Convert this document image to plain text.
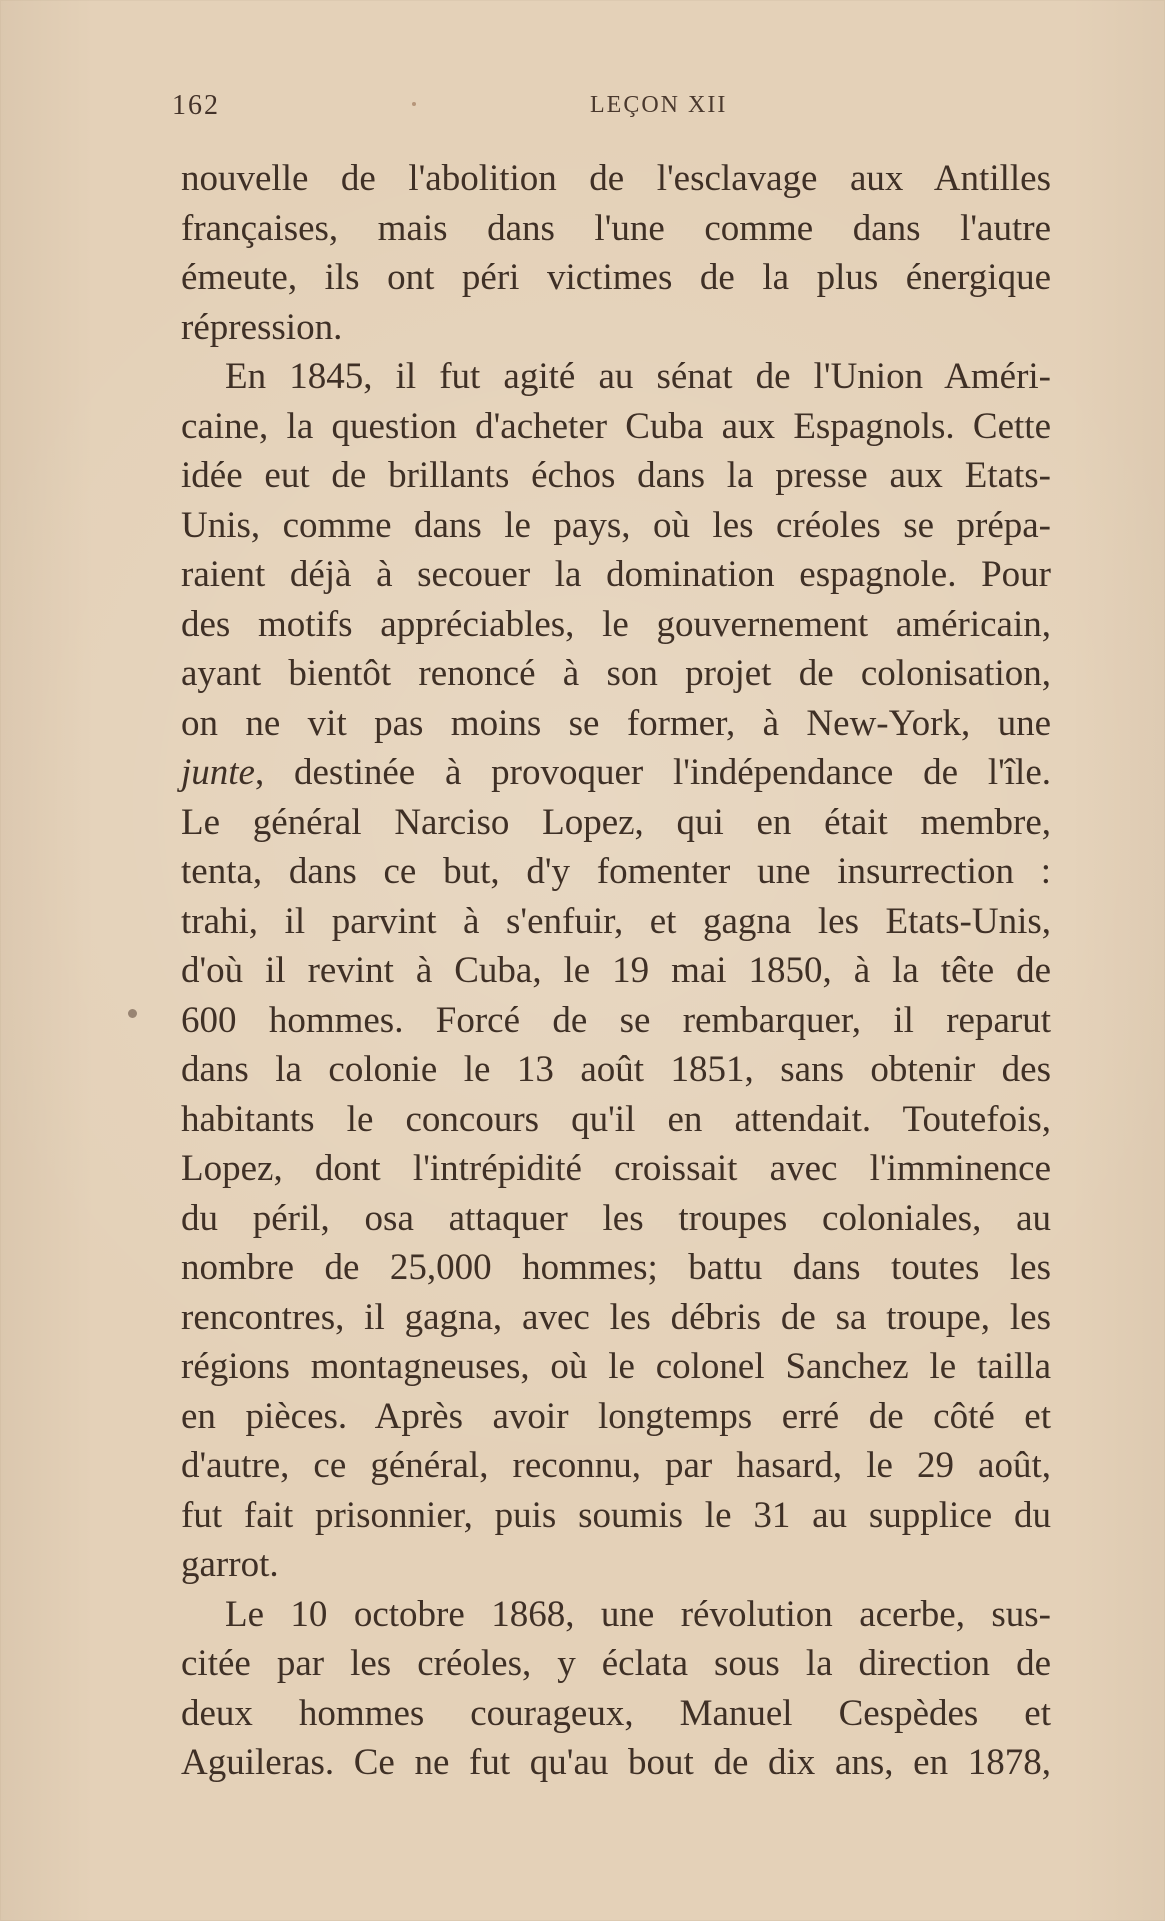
162	LEÇON XII
nouvelle de l'abolition de l'esclavage aux Antilles
françaises, mais dans l'une comme dans l'autre
émeute, ils ont péri victimes de la plus énergique
répression.
En 1845, il fut agité au sénat de l'Union Améri-
caine, la question d'acheter Cuba aux Espagnols. Cette
idée eut de brillants échos dans la presse aux Etats-
Unis, comme dans le pays, où les créoles se prépa-
raient déjà à secouer la domination espagnole. Pour
des motifs appréciables, le gouvernement américain,
ayant bientôt renoncé à son projet de colonisation,
on ne vit pas moins se former, à New-York, une
junte, destinée à provoquer l'indépendance de l'île.
Le général Narciso Lopez, qui en était membre,
tenta, dans ce but, d'y fomenter une insurrection :
trahi, il parvint à s'enfuir, et gagna les Etats-Unis,
d'où il revint à Cuba, le 19 mai 1850, à la tête de
600 hommes. Forcé de se rembarquer, il reparut
dans la colonie le 13 août 1851, sans obtenir des
habitants le concours qu'il en attendait. Toutefois,
Lopez, dont l'intrépidité croissait avec l'imminence
du péril, osa attaquer les troupes coloniales, au
nombre de 25,000 hommes; battu dans toutes les
rencontres, il gagna, avec les débris de sa troupe, les
régions montagneuses, où le colonel Sanchez le tailla
en pièces. Après avoir longtemps erré de côté et
d'autre, ce général, reconnu, par hasard, le 29 août,
fut fait prisonnier, puis soumis le 31 au supplice du
garrot.
Le 10 octobre 1868, une révolution acerbe, sus-
citée par les créoles, y éclata sous la direction de
deux hommes courageux, Manuel Cespèdes et
Aguileras. Ce ne fut qu'au bout de dix ans, en 1878,
